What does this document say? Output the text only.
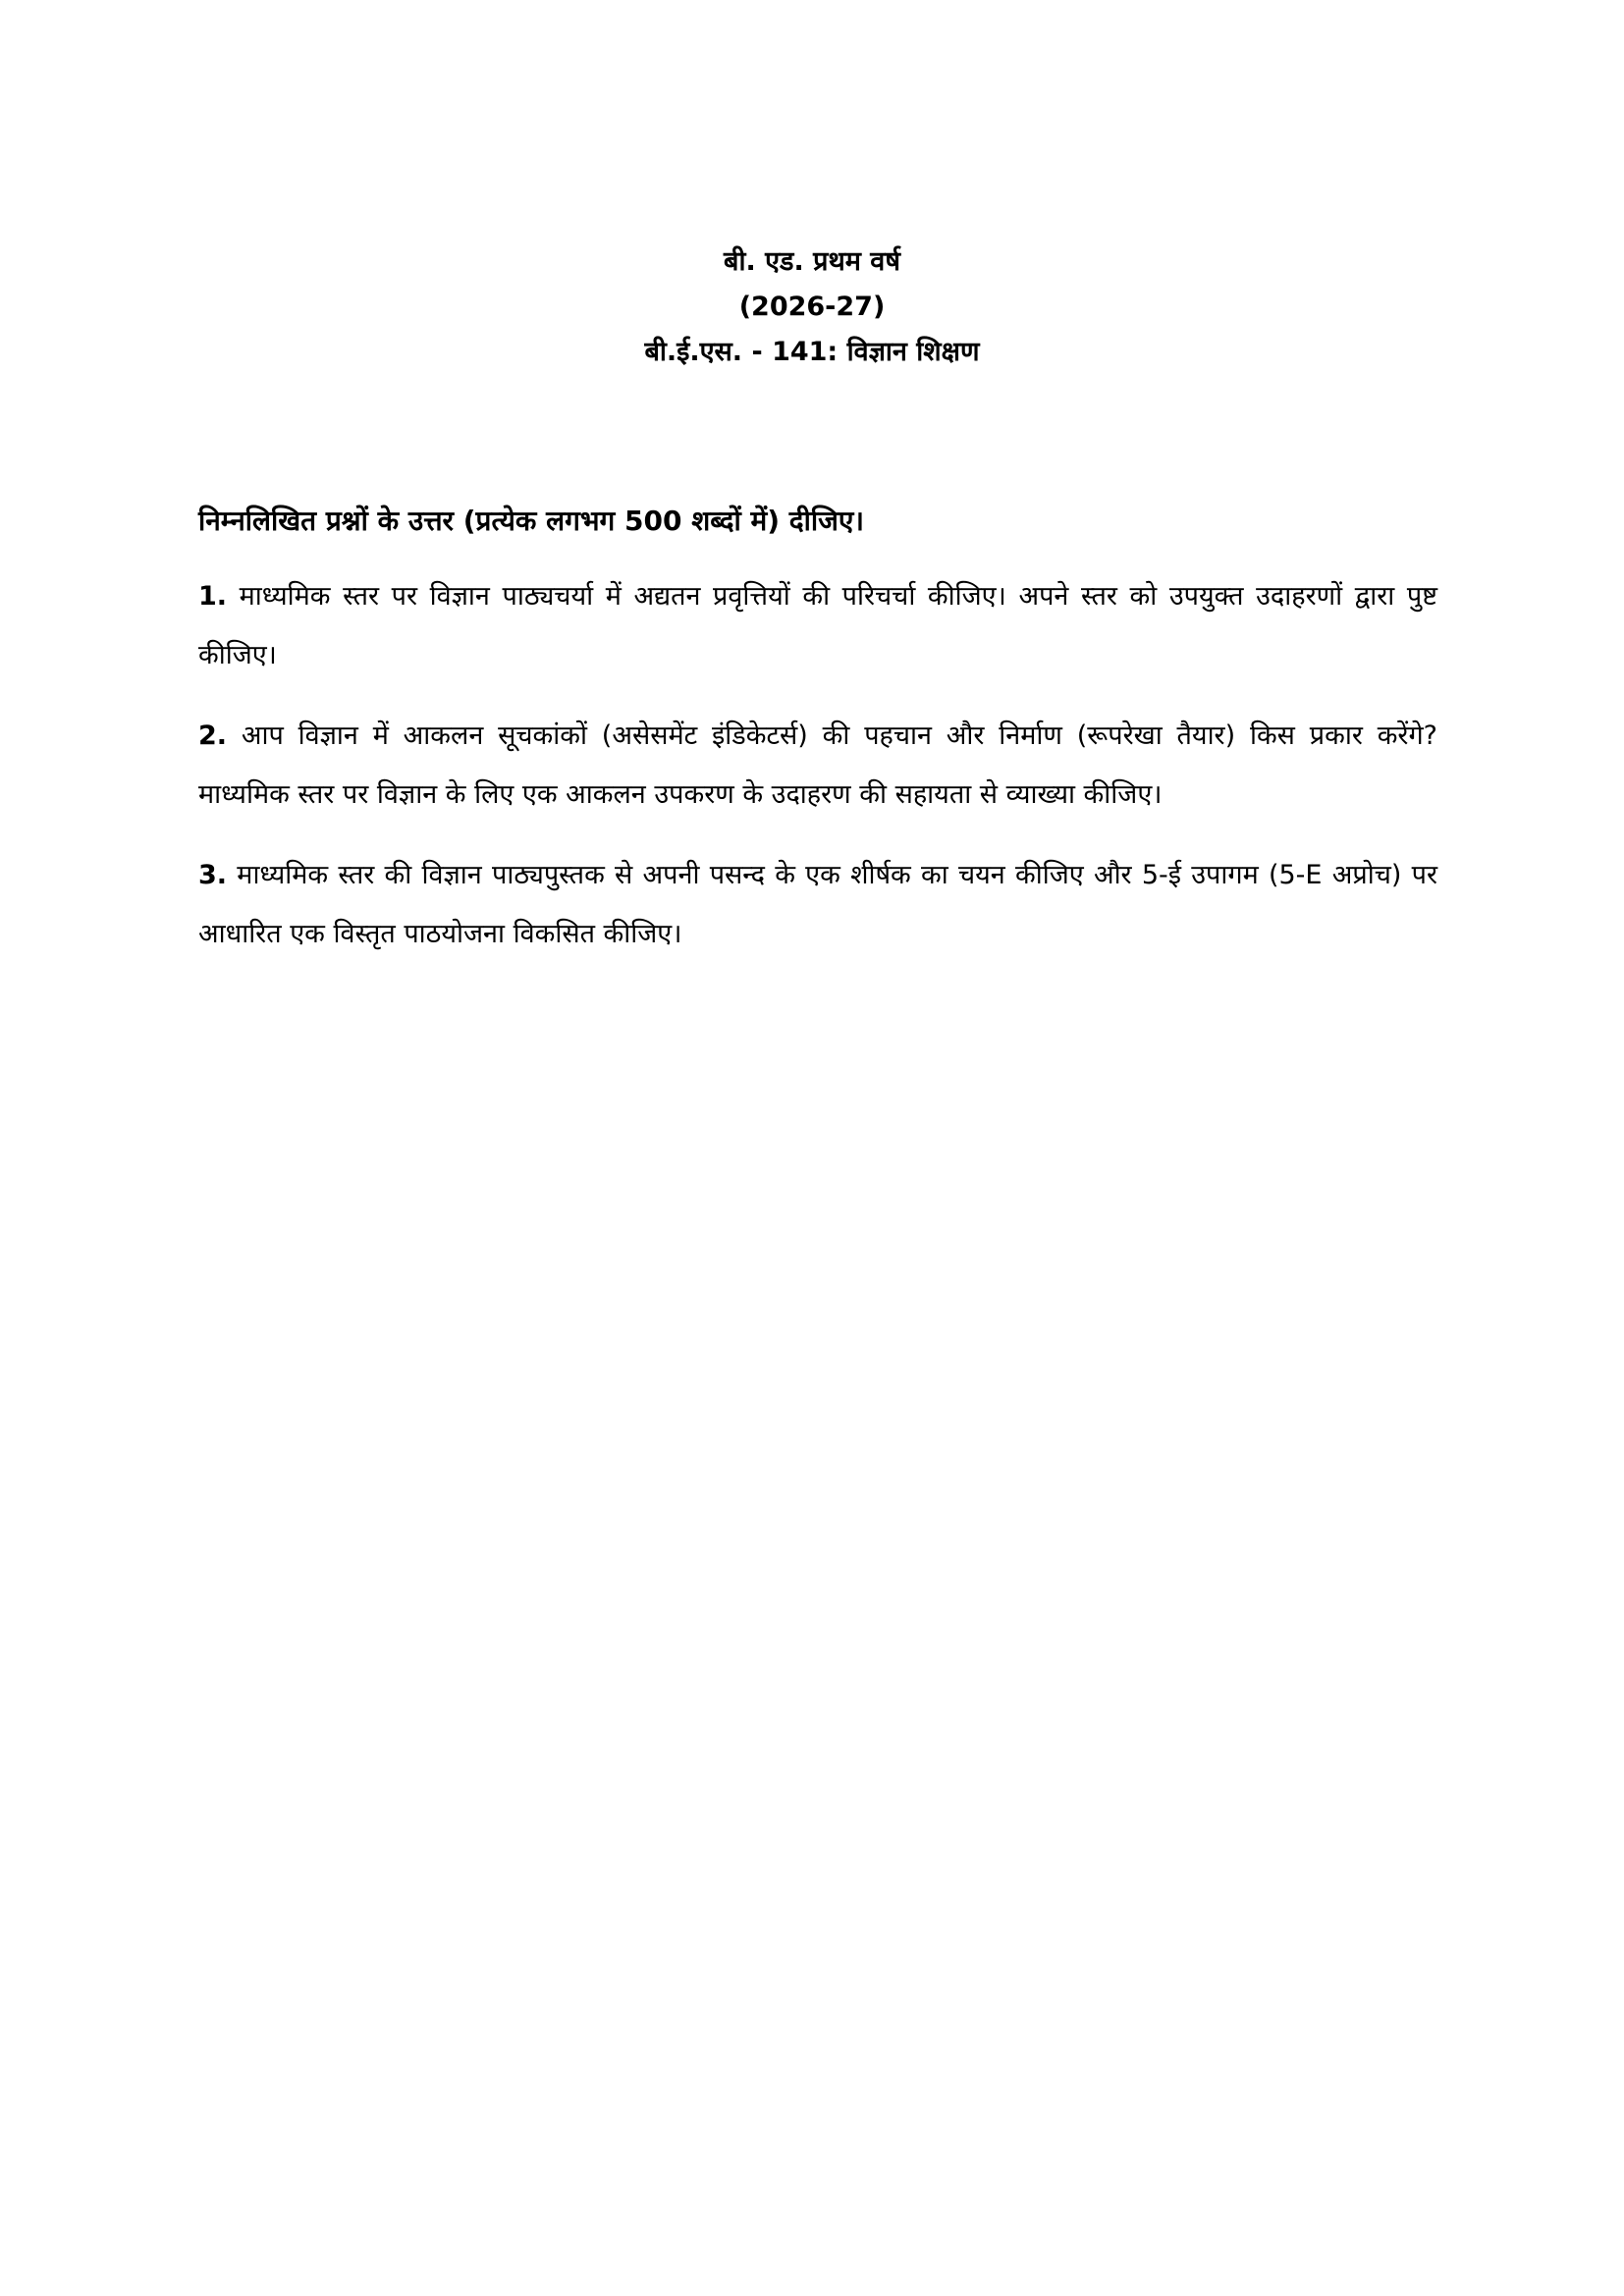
बी. एड. प्रथम वर्ष
(2026-27)
बी.ई.एस. - 141: विज्ञान शिक्षण
निम्नलिखित प्रश्नों के उत्तर (प्रत्येक लगभग 500 शब्दों में) दीजिए।
1. माध्यमिक स्तर पर विज्ञान पाठ्यचर्या में अद्यतन प्रवृत्तियों की परिचर्चा कीजिए। अपने स्तर को उपयुक्त उदाहरणों द्वारा पुष्ट कीजिए।
2. आप विज्ञान में आकलन सूचकांकों (असेसमेंट इंडिकेटर्स) की पहचान और निर्माण (रूपरेखा तैयार) किस प्रकार करेंगे? माध्यमिक स्तर पर विज्ञान के लिए एक आकलन उपकरण के उदाहरण की सहायता से व्याख्या कीजिए।
3. माध्यमिक स्तर की विज्ञान पाठ्यपुस्तक से अपनी पसन्द के एक शीर्षक का चयन कीजिए और 5-ई उपागम (5-E अप्रोच) पर आधारित एक विस्तृत पाठयोजना विकसित कीजिए।
